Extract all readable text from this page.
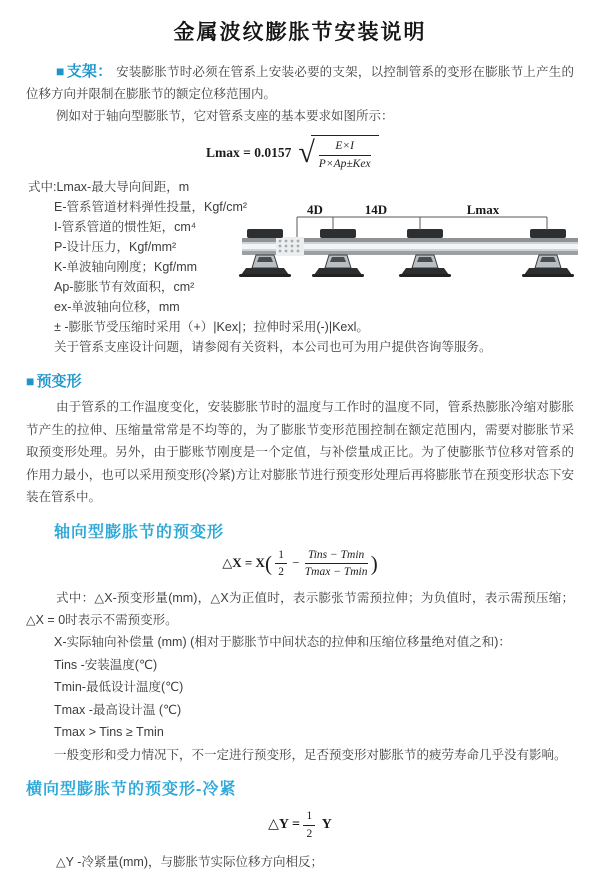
金属波纹膨胀节安装说明

■ 支架： 安装膨胀节时必须在管系上安装必要的支架，以控制管系的变形在膨胀节上产生的位移方向并限制在膨胀节的额定位移范围内。

例如对于轴向型膨胀节，它对管系支座的基本要求如图所示：

Lmax = 0.0157 √ $\frac{E\times I}{\text{P×Ap±Kex}}$
式中:Lmax-最大导向间距，m
E-管系管道材料弹性投量，Kgf/cm²
I-管系管道的惯性矩，cm⁴
P-设计压力，Kgf/mm²
K-单波轴向刚度；Kgf/mm
Ap-膨胀节有效面积，cm²
ex-单波轴向位移，mm
± -膨胀节受压缩时采用（+）|Kex|；拉伸时采用(-)|Kexl。
关于管系支座设计问题，请参阅有关资料，本公司也可为用户提供咨询等服务。
4D	14D	Lmax
■ 预变形

由于管系的工作温度变化，安装膨胀节时的温度与工作时的温度不同，管系热膨胀冷缩对膨胀节产生的拉伸、压缩量常常是不均等的，为了膨胀节变形范围控制在额定范围内，需要对膨胀节采取预变形处理。另外，由于膨账节刚度是一个定值，与补偿量成正比。为了使膨胀节位移对管系的作用力最小，也可以采用预变形(冷紧)方让对膨胀节进行预变形处理后再将膨胀节在预变形状态下安装在管系中。

轴向型膨胀节的预变形
△X = $X( \frac{1}{2} - \frac{\text{Tins − Tmin}}{Tmax - Tmin}$ )

式中：△X-预变形量(mm)，△X为正值时，表示膨张节需预拉伸；为负值时，表示需预压缩；△X = 0时表示不需预变形。

X-实际轴向补偿量 (mm) (相对于膨胀节中间状态的拉伸和压缩位移量绝对值之和)：
Tins -安装温度(℃)
Tmin-最低设计温度(℃)
Tmax -最高设计温 (℃)
Tmax > Tins ≥ Tmin
一般变形和受力情况下，不一定进行预变形，足否预变形对膨胀节的疲劳寿命几乎没有影响。
横向型膨胀节的预变形-冷紧
△Y = $\frac{1}{2}$ Y
△Y -冷紧量(mm)，与膨胀节实际位移方向相反；
